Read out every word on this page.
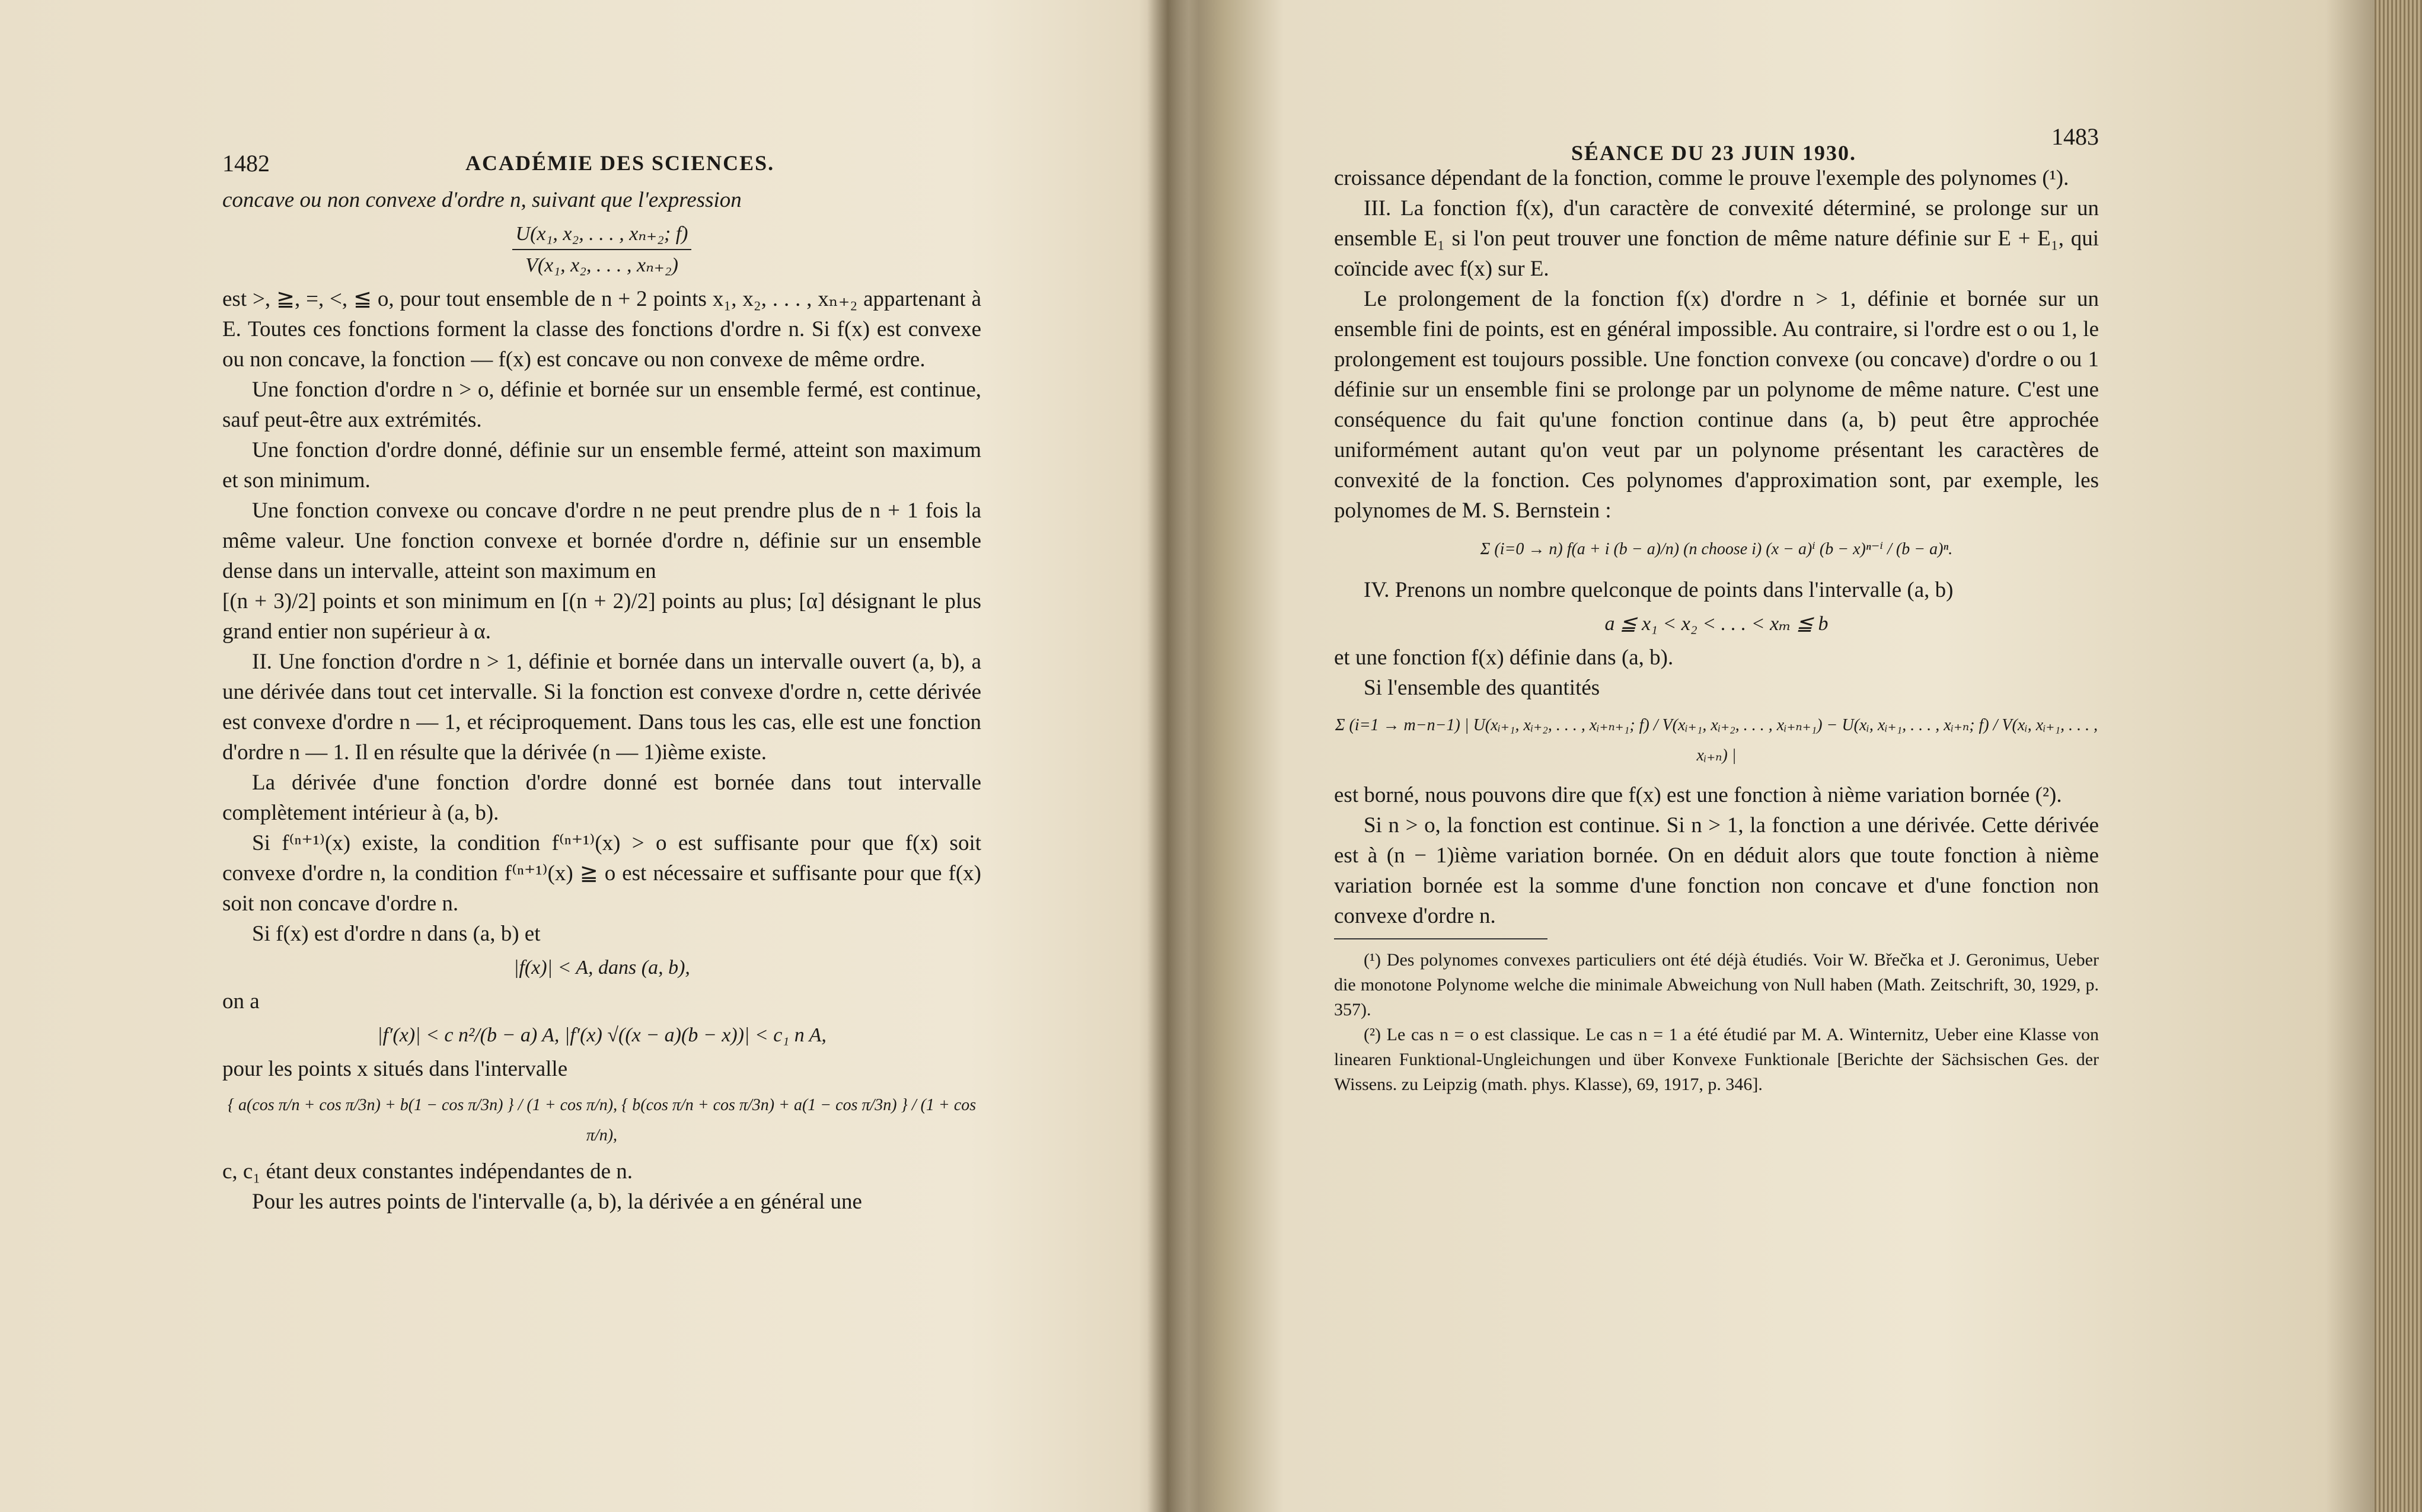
1482	ACADÉMIE DES SCIENCES.

concave ou non convexe d'ordre n, suivant que l'expression

$\frac{\text{U(x₁, x₂, . . . , xₙ₊₂; f)}}{\text{V(x₁, x₂, . . . , xₙ₊₂)}}$

est >, ≧, =, <, ≦ o, pour tout ensemble de n + 2 points x₁, x₂, . . . , xₙ₊₂ appartenant à E. Toutes ces fonctions forment la classe des fonctions d'ordre n. Si f(x) est convexe ou non concave, la fonction — f(x) est concave ou non convexe de même ordre.

Une fonction d'ordre n > o, définie et bornée sur un ensemble fermé, est continue, sauf peut-être aux extrémités.

Une fonction d'ordre donné, définie sur un ensemble fermé, atteint son maximum et son minimum.

Une fonction convexe ou concave d'ordre n ne peut prendre plus de n + 1 fois la même valeur. Une fonction convexe et bornée d'ordre n, définie sur un ensemble dense dans un intervalle, atteint son maximum en

[(n + 3)/2] points et son minimum en [(n + 2)/2] points au plus; [α] désignant le plus grand entier non supérieur à α.

II. Une fonction d'ordre n > 1, définie et bornée dans un intervalle ouvert (a, b), a une dérivée dans tout cet intervalle. Si la fonction est convexe d'ordre n, cette dérivée est convexe d'ordre n — 1, et réciproquement. Dans tous les cas, elle est une fonction d'ordre n — 1. Il en résulte que la dérivée (n — 1)ième existe.

La dérivée d'une fonction d'ordre donné est bornée dans tout intervalle complètement intérieur à (a, b).

Si f⁽ⁿ⁺¹⁾(x) existe, la condition f⁽ⁿ⁺¹⁾(x) > o est suffisante pour que f(x) soit convexe d'ordre n, la condition f⁽ⁿ⁺¹⁾(x) ≧ o est nécessaire et suffisante pour que f(x) soit non concave d'ordre n.

Si f(x) est d'ordre n dans (a, b) et

|f(x)| < A, dans (a, b),

on a

|f′(x)| < c n²/(b − a) A, |f′(x) √((x − a)(b − x))| < c₁ n A,

pour les points x situés dans l'intervalle

{ a(cos π/n + cos π/3n) + b(1 − cos π/3n) } / (1 + cos π/n), { b(cos π/n + cos π/3n) + a(1 − cos π/3n) } / (1 + cos π/n),

c, c₁ étant deux constantes indépendantes de n.

Pour les autres points de l'intervalle (a, b), la dérivée a en général une

SÉANCE DU 23 JUIN 1930.
1483

croissance dépendant de la fonction, comme le prouve l'exemple des polynomes (¹).

III. La fonction f(x), d'un caractère de convexité déterminé, se prolonge sur un ensemble E₁ si l'on peut trouver une fonction de même nature définie sur E + E₁, qui coïncide avec f(x) sur E.

Le prolongement de la fonction f(x) d'ordre n > 1, définie et bornée sur un ensemble fini de points, est en général impossible. Au contraire, si l'ordre est o ou 1, le prolongement est toujours possible. Une fonction convexe (ou concave) d'ordre o ou 1 définie sur un ensemble fini se prolonge par un polynome de même nature. C'est une conséquence du fait qu'une fonction continue dans (a, b) peut être approchée uniformément autant qu'on veut par un polynome présentant les caractères de convexité de la fonction. Ces polynomes d'approximation sont, par exemple, les polynomes de M. S. Bernstein :

Σ (i=0 → n) f(a + i (b − a)/n) (n choose i) (x − a)ⁱ (b − x)ⁿ⁻ⁱ / (b − a)ⁿ.

IV. Prenons un nombre quelconque de points dans l'intervalle (a, b)

a ≦ x₁ < x₂ < . . . < xₘ ≦ b

et une fonction f(x) définie dans (a, b).

Si l'ensemble des quantités

Σ (i=1 → m−n−1) | U(xᵢ₊₁, xᵢ₊₂, . . . , xᵢ₊ₙ₊₁; f) / V(xᵢ₊₁, xᵢ₊₂, . . . , xᵢ₊ₙ₊₁) − U(xᵢ, xᵢ₊₁, . . . , xᵢ₊ₙ; f) / V(xᵢ, xᵢ₊₁, . . . , xᵢ₊ₙ) |

est borné, nous pouvons dire que f(x) est une fonction à nième variation bornée (²).

Si n > o, la fonction est continue. Si n > 1, la fonction a une dérivée. Cette dérivée est à (n − 1)ième variation bornée. On en déduit alors que toute fonction à nième variation bornée est la somme d'une fonction non concave et d'une fonction non convexe d'ordre n.

(¹) Des polynomes convexes particuliers ont été déjà étudiés. Voir W. Břečka et J. Geronimus, Ueber die monotone Polynome welche die minimale Abweichung von Null haben (Math. Zeitschrift, 30, 1929, p. 357).

(²) Le cas n = o est classique. Le cas n = 1 a été étudié par M. A. Winternitz, Ueber eine Klasse von linearen Funktional-Ungleichungen und über Konvexe Funktionale [Berichte der Sächsischen Ges. der Wissens. zu Leipzig (math. phys. Klasse), 69, 1917, p. 346].
